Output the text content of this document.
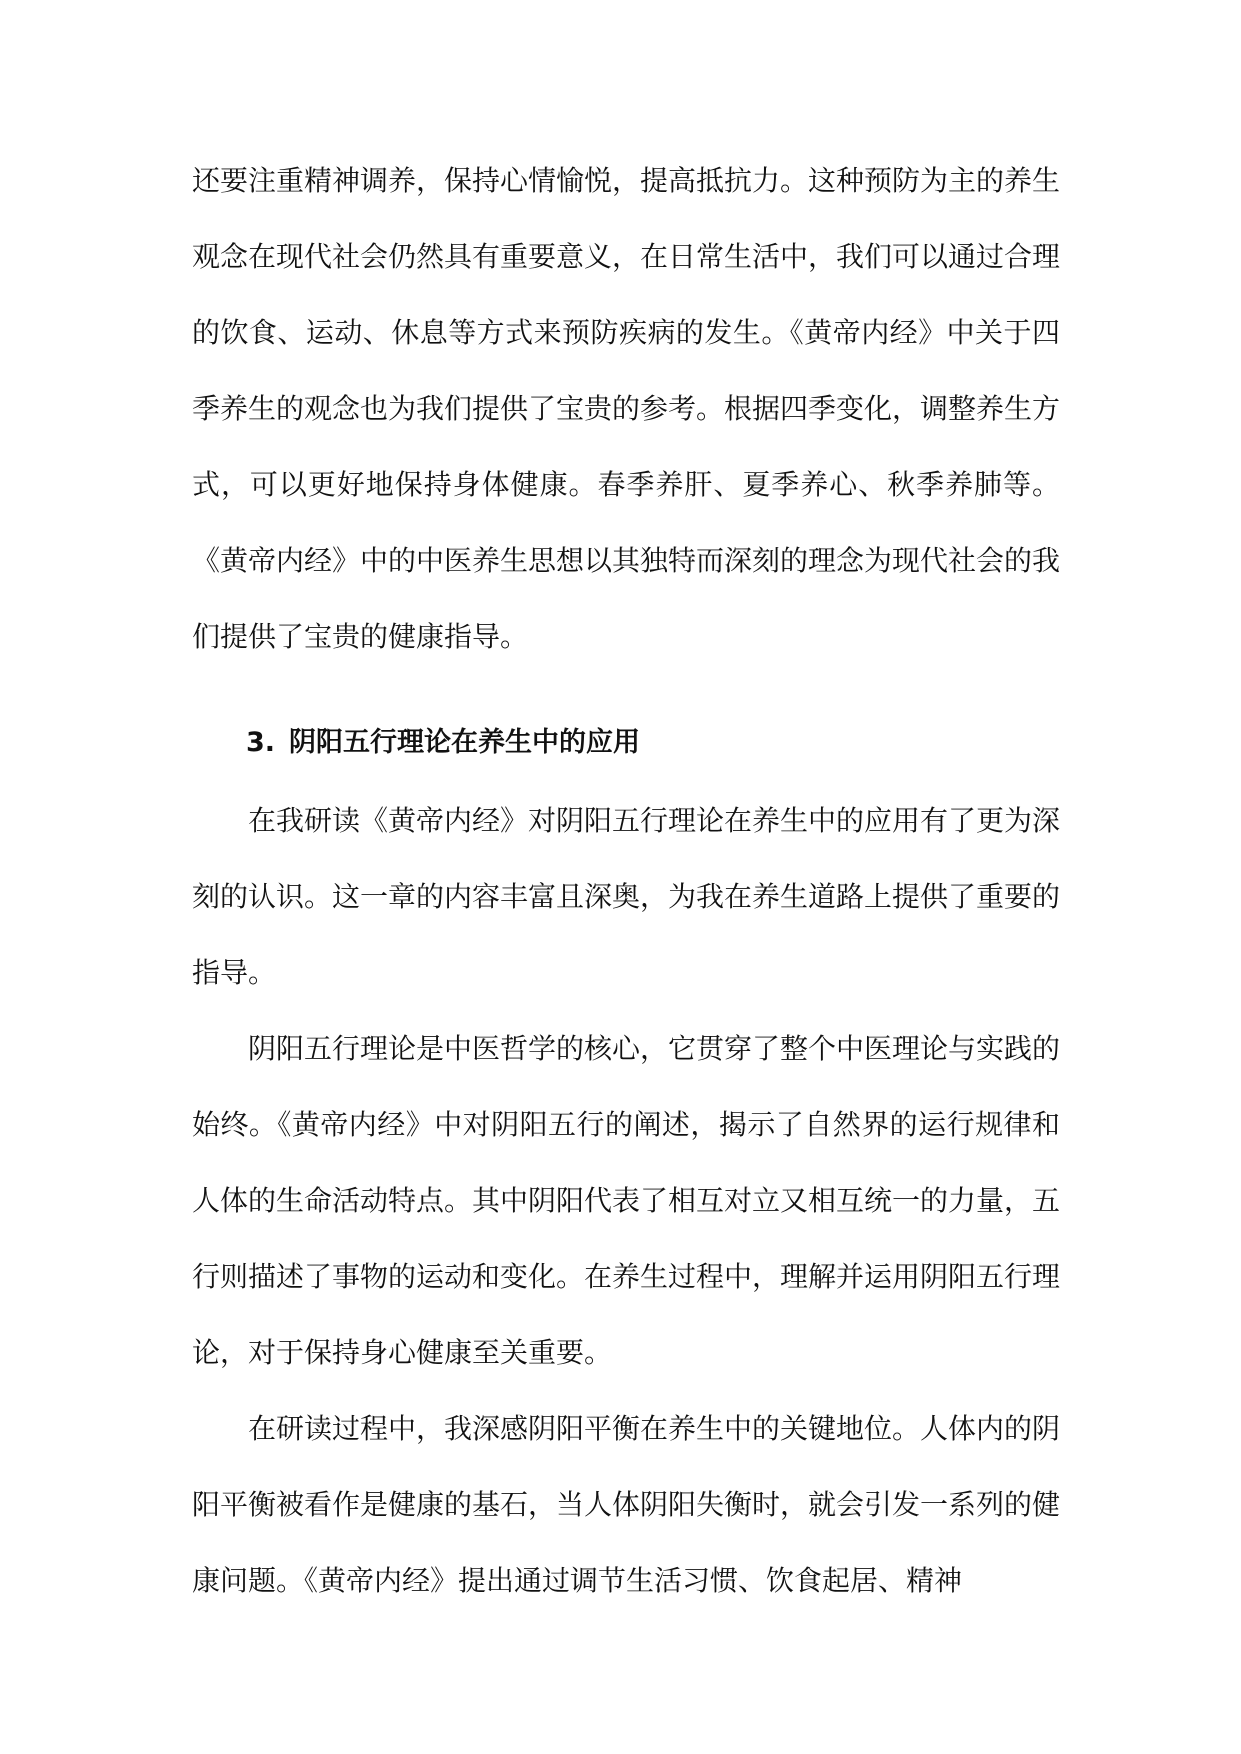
还要注重精神调养，保持心情愉悦，提高抵抗力。这种预防为主的养生观念在现代社会仍然具有重要意义，在日常生活中，我们可以通过合理的饮食、运动、休息等方式来预防疾病的发生。《黄帝内经》中关于四季养生的观念也为我们提供了宝贵的参考。根据四季变化，调整养生方式，可以更好地保持身体健康。春季养肝、夏季养心、秋季养肺等。《黄帝内经》中的中医养生思想以其独特而深刻的理念为现代社会的我们提供了宝贵的健康指导。

3. 阴阳五行理论在养生中的应用

在我研读《黄帝内经》对阴阳五行理论在养生中的应用有了更为深刻的认识。这一章的内容丰富且深奥，为我在养生道路上提供了重要的指导。

阴阳五行理论是中医哲学的核心，它贯穿了整个中医理论与实践的始终。《黄帝内经》中对阴阳五行的阐述，揭示了自然界的运行规律和人体的生命活动特点。其中阴阳代表了相互对立又相互统一的力量，五行则描述了事物的运动和变化。在养生过程中，理解并运用阴阳五行理论，对于保持身心健康至关重要。

在研读过程中，我深感阴阳平衡在养生中的关键地位。人体内的阴阳平衡被看作是健康的基石，当人体阴阳失衡时，就会引发一系列的健康问题。《黄帝内经》提出通过调节生活习惯、饮食起居、精神
